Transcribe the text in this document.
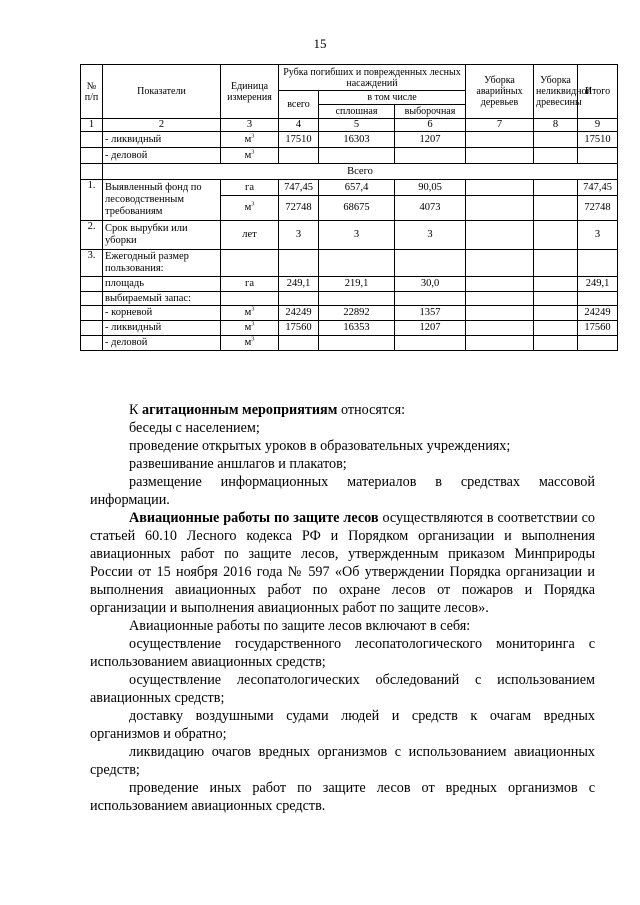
15
№ п/п	Показатели	Единица измерения	Рубка погибших и поврежденных лесных насаждений			Уборка аварийных деревьев	Уборка неликвидной древесины	Итого
			всего	в том числе				
				сплошная	выборочная			
1	2	3	4	5	6	7	8	9
	- ликвидный	$м^3$	17510	16303	1207			17510
	- деловой	$м^3$						
	Всего							
1.	Выявленный фонд по лесоводственным требованиям	га	747,45	657,4	90,05			747,45
		$м^3$	72748	68675	4073			72748
2.	Срок вырубки или уборки	лет	3	3	3			3
3.	Ежегодный размер пользования:							
	площадь	га	249,1	219,1	30,0			249,1
	выбираемый запас:							
	- корневой	$м^3$	24249	22892	1357			24249
	- ликвидный	$м^3$	17560	16353	1207			17560
	- деловой	$м^3$						

К агитационным мероприятиям относятся:

беседы с населением;

проведение открытых уроков в образовательных учреждениях;

развешивание аншлагов и плакатов;

размещение информационных материалов в средствах массовой информации.

Авиационные работы по защите лесов осуществляются в соответствии со статьей 60.10 Лесного кодекса РФ и Порядком организации и выполнения авиационных работ по защите лесов, утвержденным приказом Минприроды России от 15 ноября 2016 года № 597 «Об утверждении Порядка организации и выполнения авиационных работ по охране лесов от пожаров и Порядка организации и выполнения авиационных работ по защите лесов».

Авиационные работы по защите лесов включают в себя:

осуществление государственного лесопатологического мониторинга с использованием авиационных средств;

осуществление лесопатологических обследований с использованием авиационных средств;

доставку воздушными судами людей и средств к очагам вредных организмов и обратно;

ликвидацию очагов вредных организмов с использованием авиационных средств;

проведение иных работ по защите лесов от вредных организмов с использованием авиационных средств.
